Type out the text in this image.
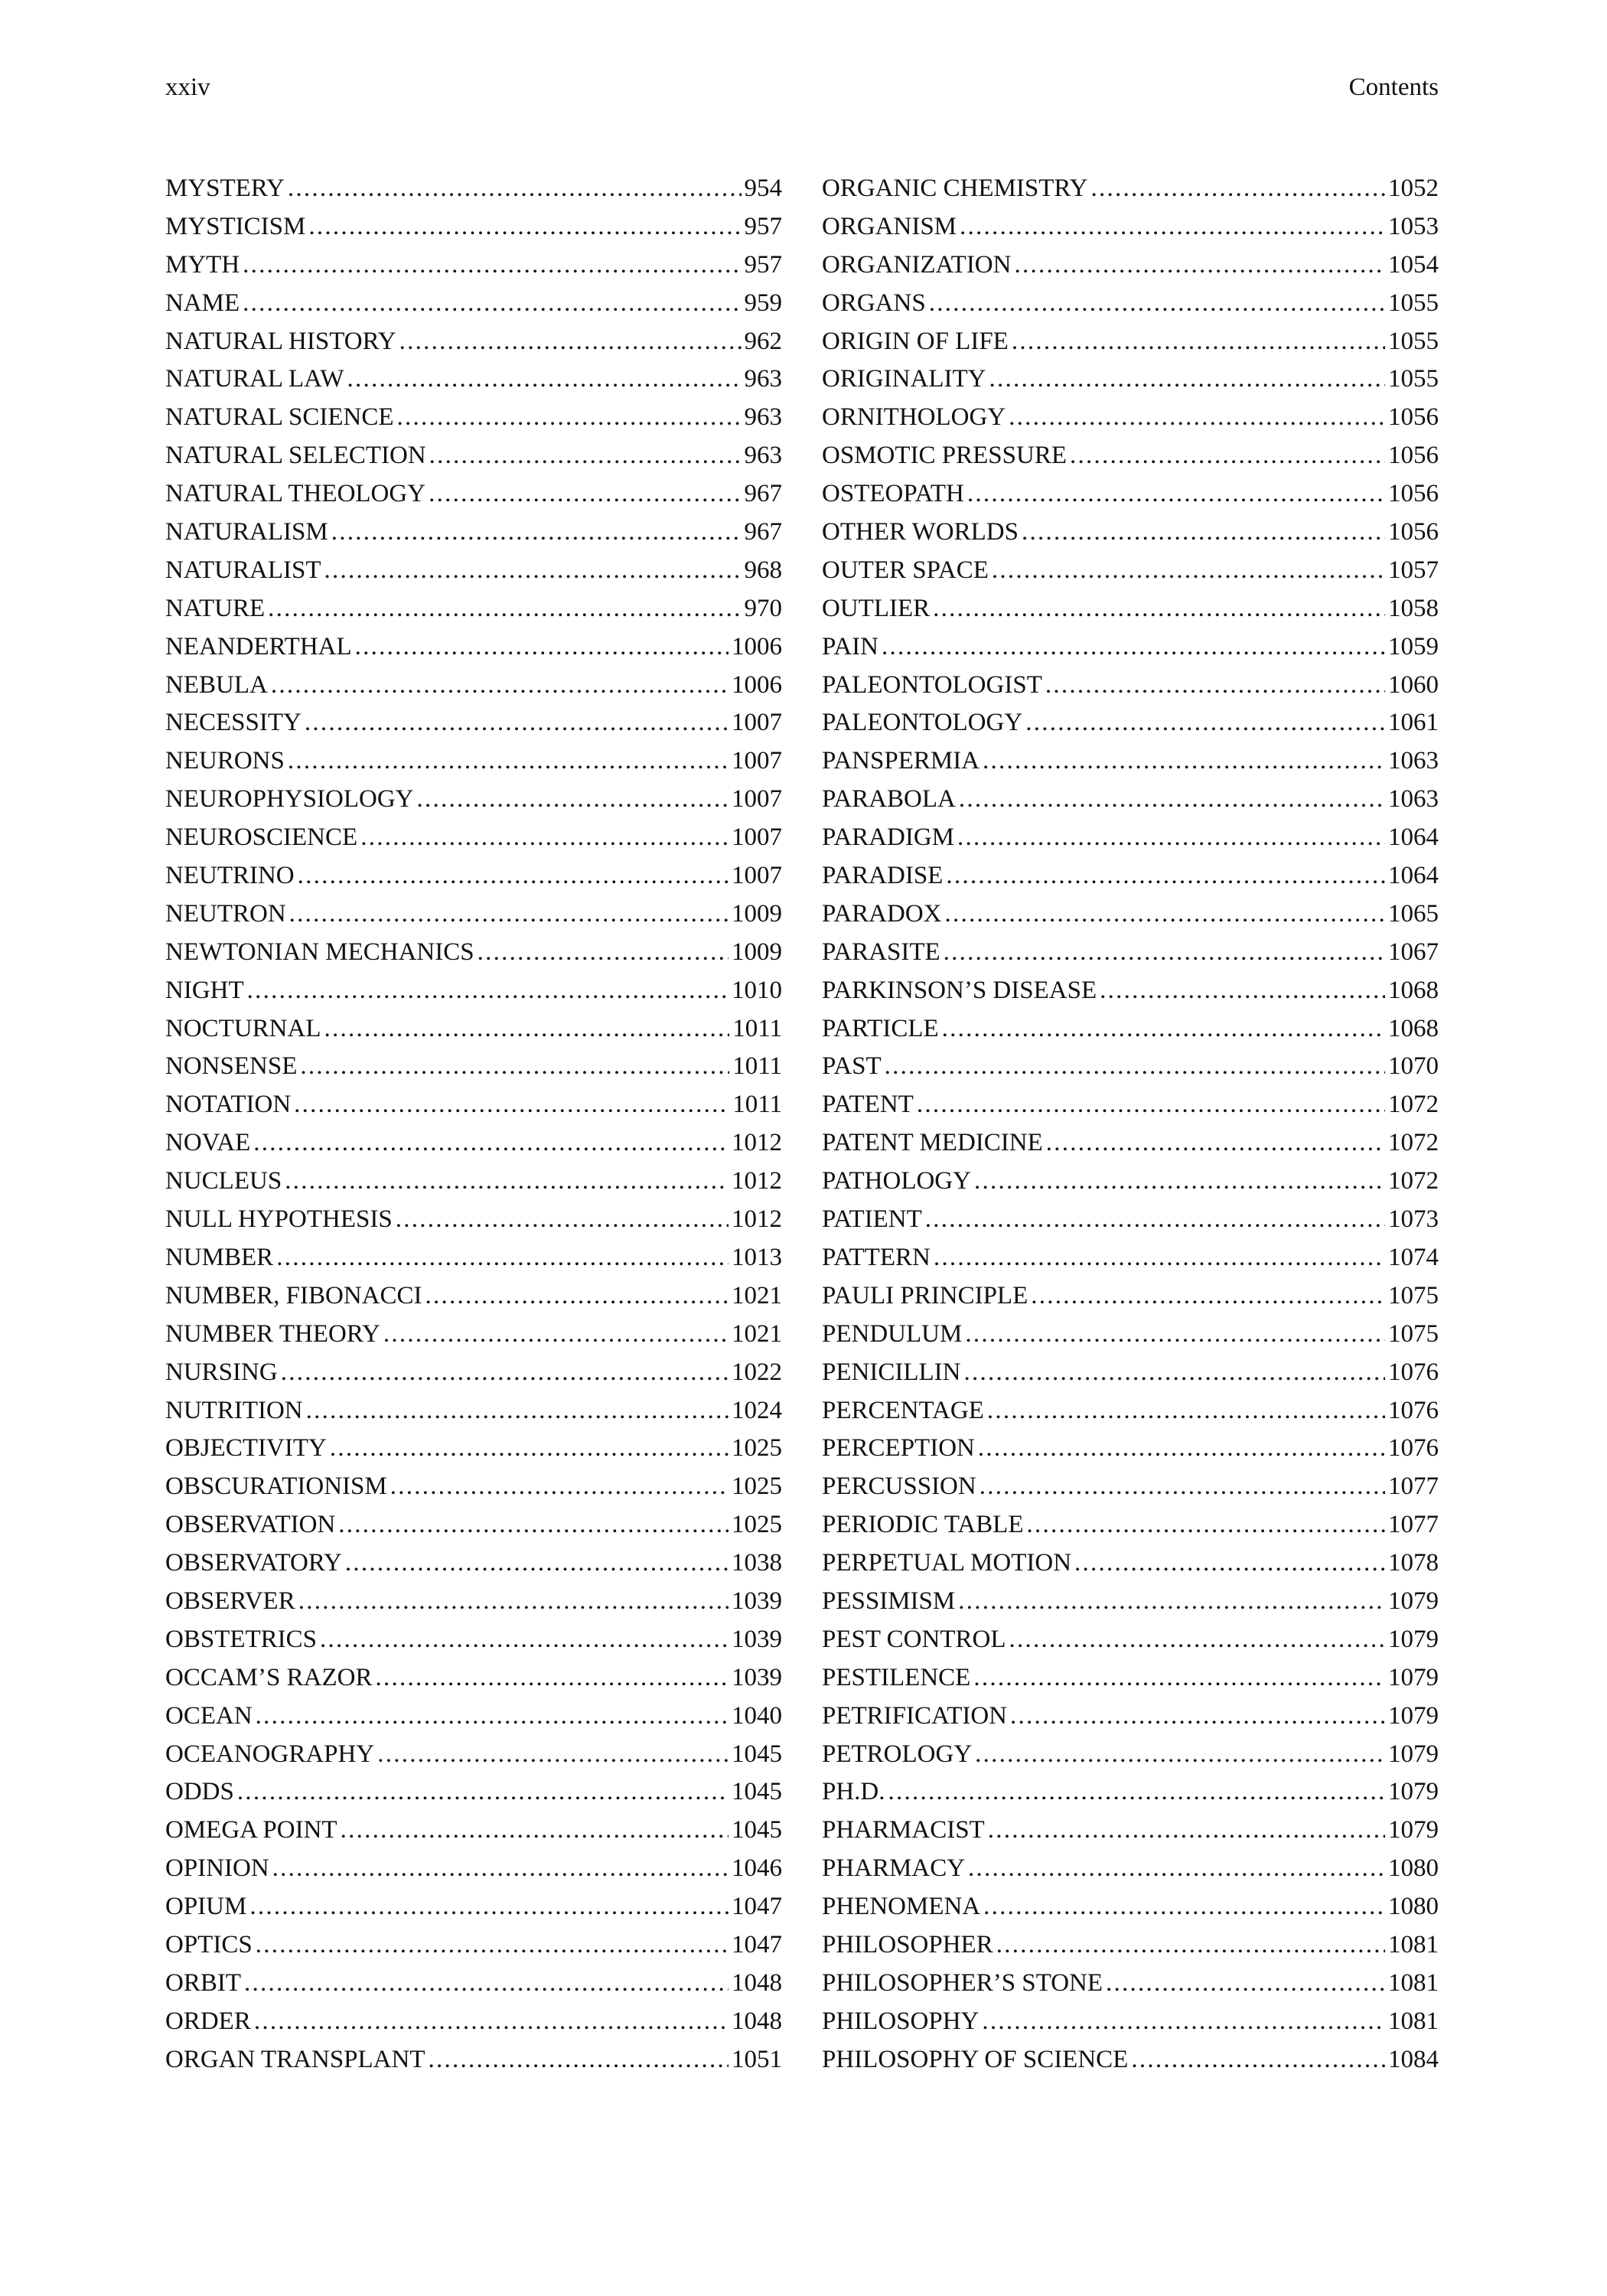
xxiv	Contents
MYSTERY . . .	954
MYSTICISM . . .	957
MYTH . . .	957
NAME . . .	959
NATURAL HISTORY . . .	962
NATURAL LAW . . .	963
NATURAL SCIENCE . . .	963
NATURAL SELECTION . . .	963
NATURAL THEOLOGY . . .	967
NATURALISM . . .	967
NATURALIST . . .	968
NATURE . . .	970
NEANDERTHAL . . .	1006
NEBULA . . .	1006
NECESSITY . . .	1007
NEURONS . . .	1007
NEUROPHYSIOLOGY . . .	1007
NEUROSCIENCE . . .	1007
NEUTRINO . . .	1007
NEUTRON . . .	1009
NEWTONIAN MECHANICS . . .	1009
NIGHT . . .	1010
NOCTURNAL . . .	1011
NONSENSE . . .	1011
NOTATION . . .	1011
NOVAE . . .	1012
NUCLEUS . . .	1012
NULL HYPOTHESIS . . .	1012
NUMBER . . .	1013
NUMBER, FIBONACCI . . .	1021
NUMBER THEORY . . .	1021
NURSING . . .	1022
NUTRITION . . .	1024
OBJECTIVITY . . .	1025
OBSCURATIONISM . . .	1025
OBSERVATION . . .	1025
OBSERVATORY . . .	1038
OBSERVER . . .	1039
OBSTETRICS . . .	1039
OCCAM’S RAZOR . . .	1039
OCEAN . . .	1040
OCEANOGRAPHY . . .	1045
ODDS . . .	1045
OMEGA POINT . . .	1045
OPINION . . .	1046
OPIUM . . .	1047
OPTICS . . .	1047
ORBIT . . .	1048
ORDER . . .	1048
ORGAN TRANSPLANT . . .	1051
ORGANIC CHEMISTRY . . .	1052
ORGANISM . . .	1053
ORGANIZATION . . .	1054
ORGANS . . .	1055
ORIGIN OF LIFE . . .	1055
ORIGINALITY . . .	1055
ORNITHOLOGY . . .	1056
OSMOTIC PRESSURE . . .	1056
OSTEOPATH . . .	1056
OTHER WORLDS . . .	1056
OUTER SPACE . . .	1057
OUTLIER . . .	1058
PAIN . . .	1059
PALEONTOLOGIST . . .	1060
PALEONTOLOGY . . .	1061
PANSPERMIA . . .	1063
PARABOLA . . .	1063
PARADIGM . . .	1064
PARADISE . . .	1064
PARADOX . . .	1065
PARASITE . . .	1067
PARKINSON’S DISEASE . . .	1068
PARTICLE . . .	1068
PAST . . .	1070
PATENT . . .	1072
PATENT MEDICINE . . .	1072
PATHOLOGY . . .	1072
PATIENT . . .	1073
PATTERN . . .	1074
PAULI PRINCIPLE . . .	1075
PENDULUM . . .	1075
PENICILLIN . . .	1076
PERCENTAGE . . .	1076
PERCEPTION . . .	1076
PERCUSSION . . .	1077
PERIODIC TABLE . . .	1077
PERPETUAL MOTION . . .	1078
PESSIMISM . . .	1079
PEST CONTROL . . .	1079
PESTILENCE . . .	1079
PETRIFICATION . . .	1079
PETROLOGY . . .	1079
PH.D. . . .	1079
PHARMACIST . . .	1079
PHARMACY . . .	1080
PHENOMENA . . .	1080
PHILOSOPHER . . .	1081
PHILOSOPHER’S STONE . . .	1081
PHILOSOPHY . . .	1081
PHILOSOPHY OF SCIENCE . . .	1084
